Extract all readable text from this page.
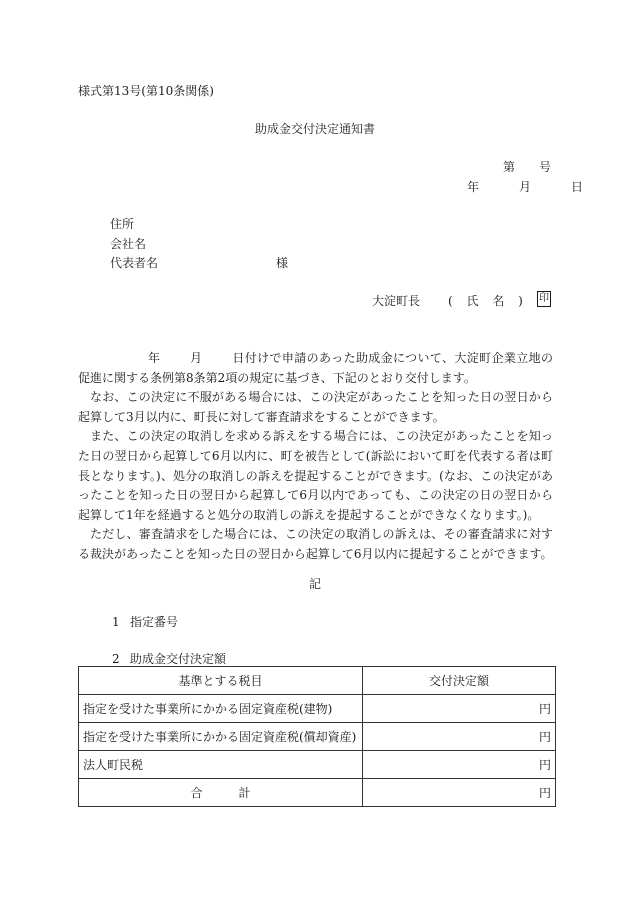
様式第13号(第10条関係)
助成金交付決定通知書
第 号
年	月	日
住所
会社名
代表者名	様
大淀町長 ( 氏 名 ) 印

年 月 日付けで申請のあった助成金について、大淀町企業立地の促進に関する条例第8条第2項の規定に基づき、下記のとおり交付します。

なお、この決定に不服がある場合には、この決定があったことを知った日の翌日から起算して3月以内に、町長に対して審査請求をすることができます。

また、この決定の取消しを求める訴えをする場合には、この決定があったことを知った日の翌日から起算して6月以内に、町を被告として(訴訟において町を代表する者は町長となります。)、処分の取消しの訴えを提起することができます。(なお、この決定があったことを知った日の翌日から起算して6月以内であっても、この決定の日の翌日から起算して1年を経過すると処分の取消しの訴えを提起することができなくなります。)。

ただし、審査請求をした場合には、この決定の取消しの訴えは、その審査請求に対する裁決があったことを知った日の翌日から起算して6月以内に提起することができます。

記
1 指定番号
2 助成金交付決定額
基準とする税目	交付決定額
指定を受けた事業所にかかる固定資産税(建物)	円
指定を受けた事業所にかかる固定資産税(償却資産)	円
法人町民税	円
合 計	円
